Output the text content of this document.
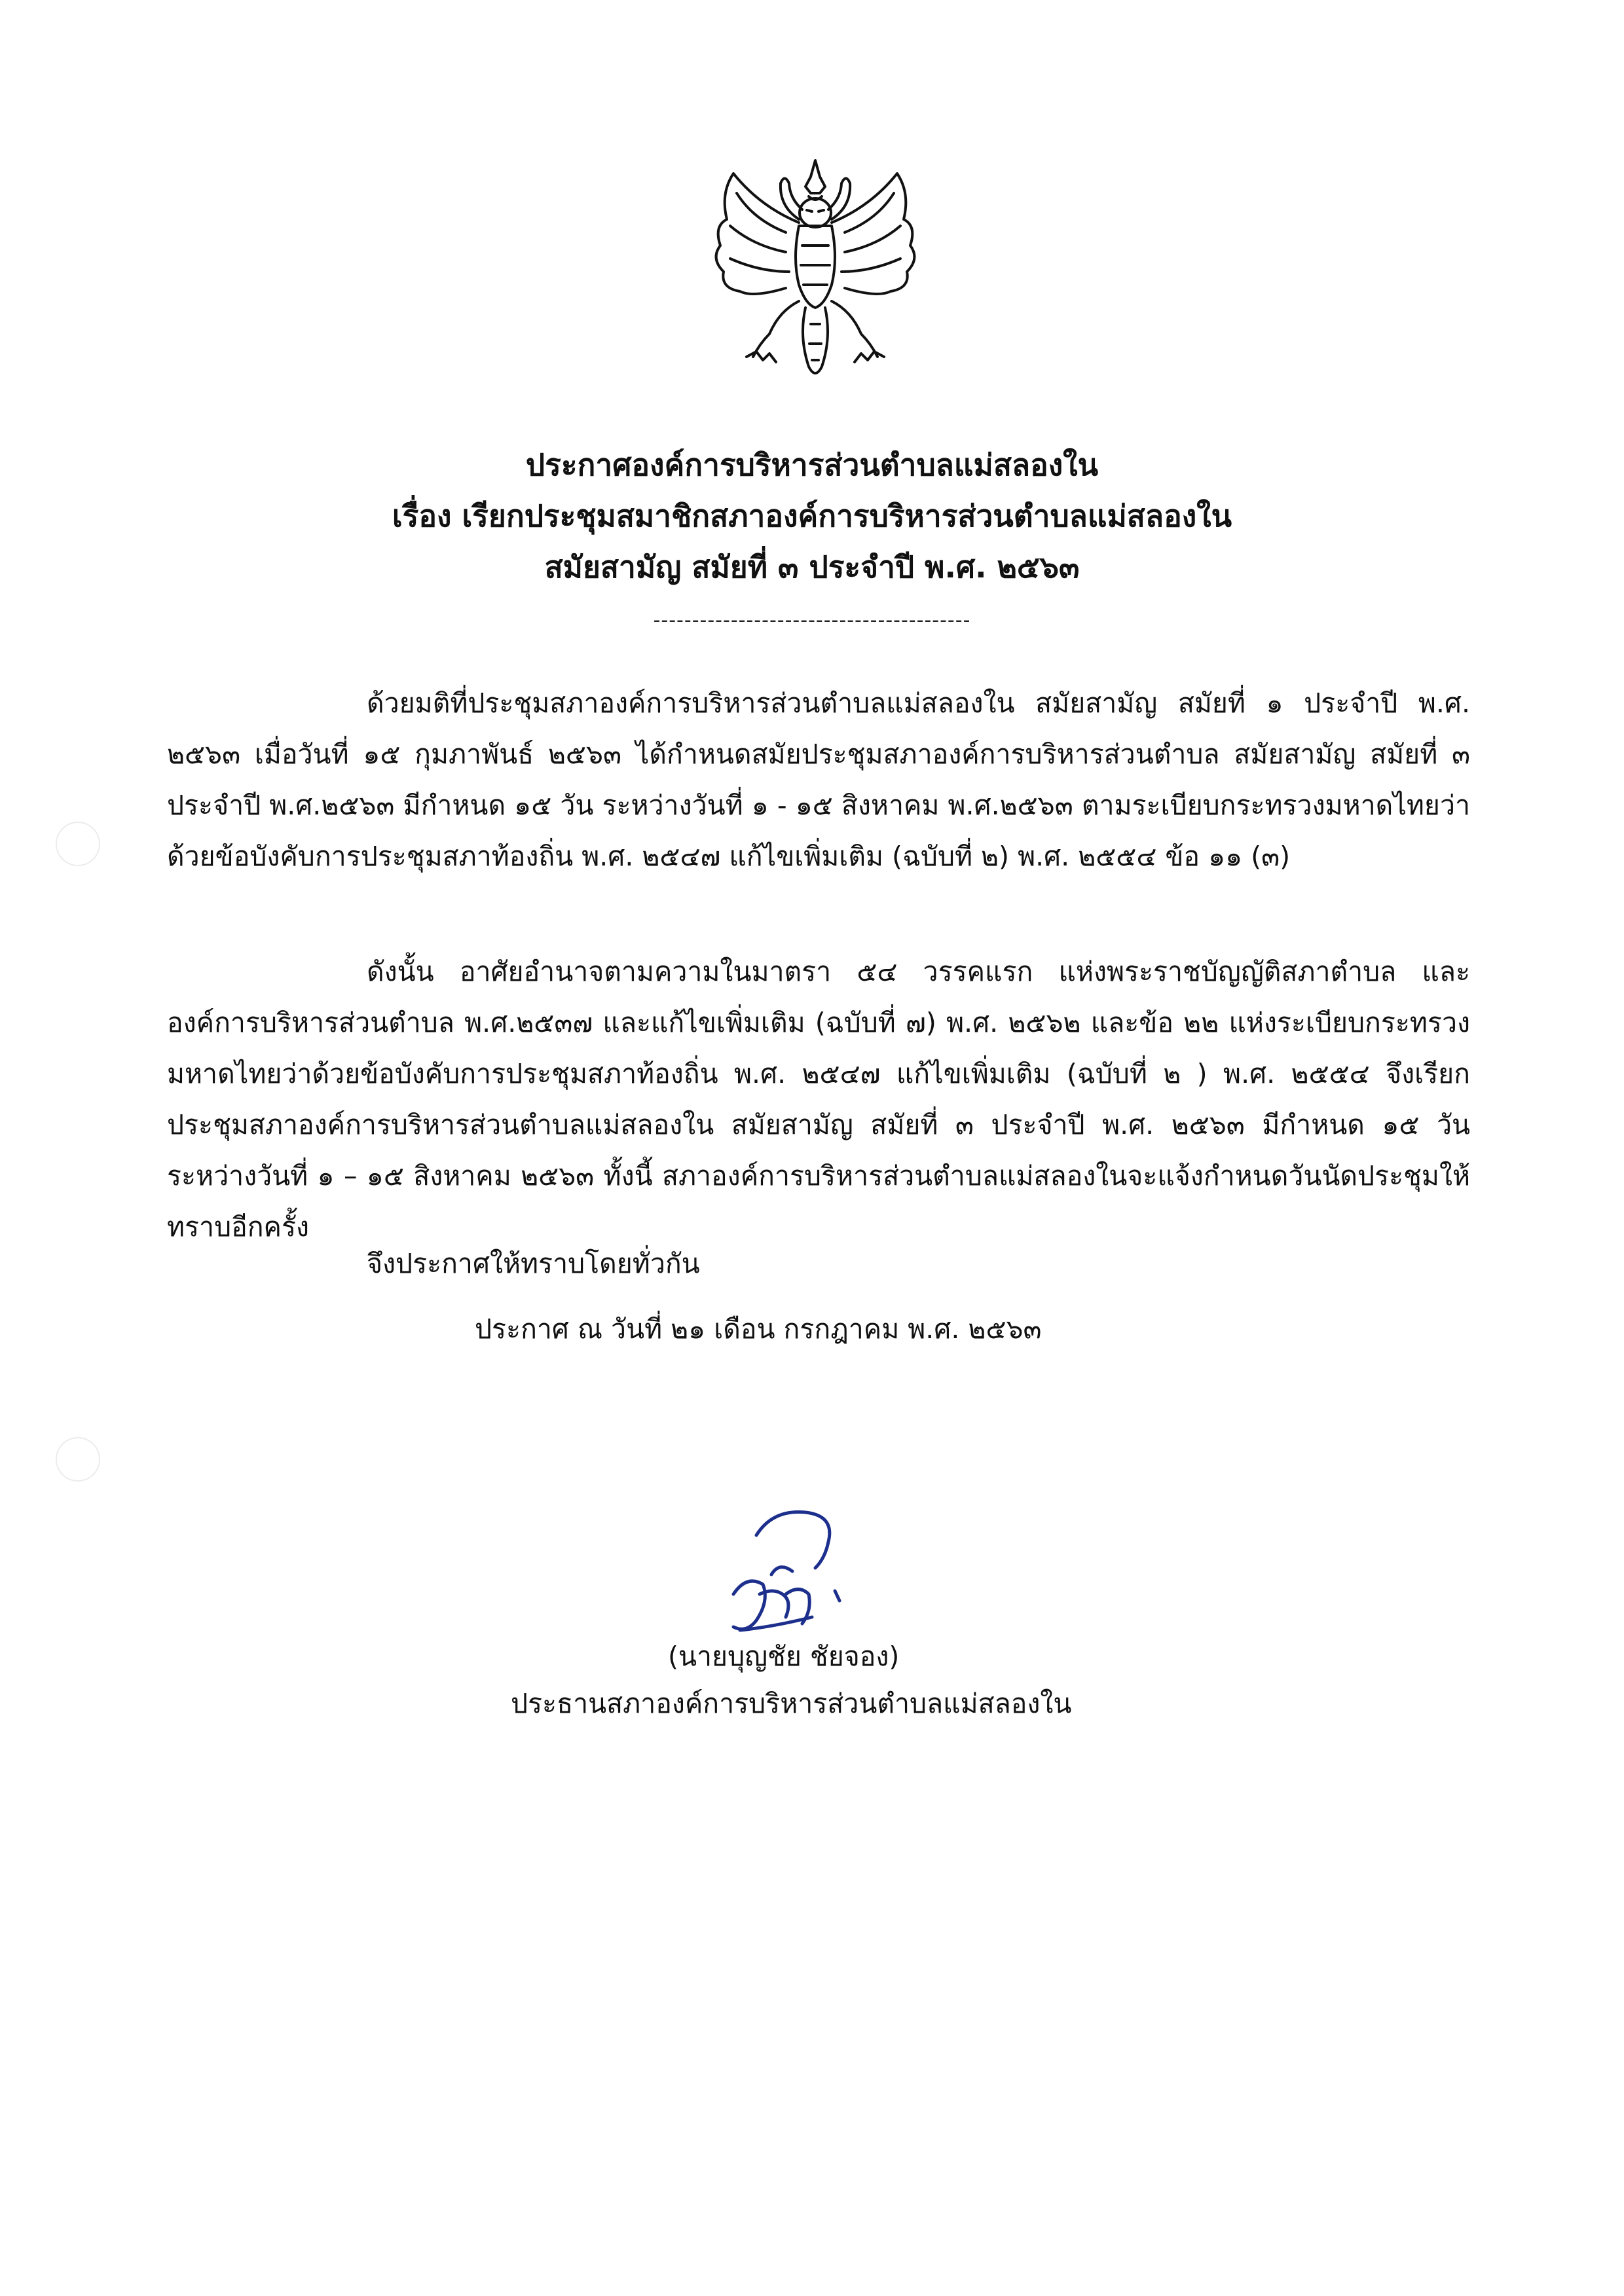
ประกาศองค์การบริหารส่วนตำบลแม่สลองใน
เรื่อง เรียกประชุมสมาชิกสภาองค์การบริหารส่วนตำบลแม่สลองใน
สมัยสามัญ สมัยที่ ๓ ประจำปี พ.ศ. ๒๕๖๓
-----------------------------------------

ด้วยมติที่ประชุมสภาองค์การบริหารส่วนตำบลแม่สลองใน สมัยสามัญ สมัยที่ ๑ ประจำปี พ.ศ. ๒๕๖๓ เมื่อวันที่ ๑๕ กุมภาพันธ์ ๒๕๖๓ ได้กำหนดสมัยประชุมสภาองค์การบริหารส่วนตำบล สมัยสามัญ สมัยที่ ๓ ประจำปี พ.ศ.๒๕๖๓ มีกำหนด ๑๕ วัน ระหว่างวันที่ ๑ - ๑๕ สิงหาคม พ.ศ.๒๕๖๓ ตามระเบียบกระทรวงมหาดไทยว่าด้วยข้อบังคับการประชุมสภาท้องถิ่น พ.ศ. ๒๕๔๗ แก้ไขเพิ่มเติม (ฉบับที่ ๒) พ.ศ. ๒๕๕๔ ข้อ ๑๑ (๓)

ดังนั้น อาศัยอำนาจตามความในมาตรา ๕๔ วรรคแรก แห่งพระราชบัญญัติสภาตำบล และองค์การบริหารส่วนตำบล พ.ศ.๒๕๓๗ และแก้ไขเพิ่มเติม (ฉบับที่ ๗) พ.ศ. ๒๕๖๒ และข้อ ๒๒ แห่งระเบียบกระทรวงมหาดไทยว่าด้วยข้อบังคับการประชุมสภาท้องถิ่น พ.ศ. ๒๕๔๗ แก้ไขเพิ่มเติม (ฉบับที่ ๒ ) พ.ศ. ๒๕๕๔ จึงเรียกประชุมสภาองค์การบริหารส่วนตำบลแม่สลองใน สมัยสามัญ สมัยที่ ๓ ประจำปี พ.ศ. ๒๕๖๓ มีกำหนด ๑๕ วัน ระหว่างวันที่ ๑ – ๑๕ สิงหาคม ๒๕๖๓ ทั้งนี้ สภาองค์การบริหารส่วนตำบลแม่สลองในจะแจ้งกำหนดวันนัดประชุมให้ทราบอีกครั้ง

จึงประกาศให้ทราบโดยทั่วกัน
ประกาศ ณ วันที่ ๒๑ เดือน กรกฎาคม พ.ศ. ๒๕๖๓
(นายบุญชัย ชัยจอง)
ประธานสภาองค์การบริหารส่วนตำบลแม่สลองใน
